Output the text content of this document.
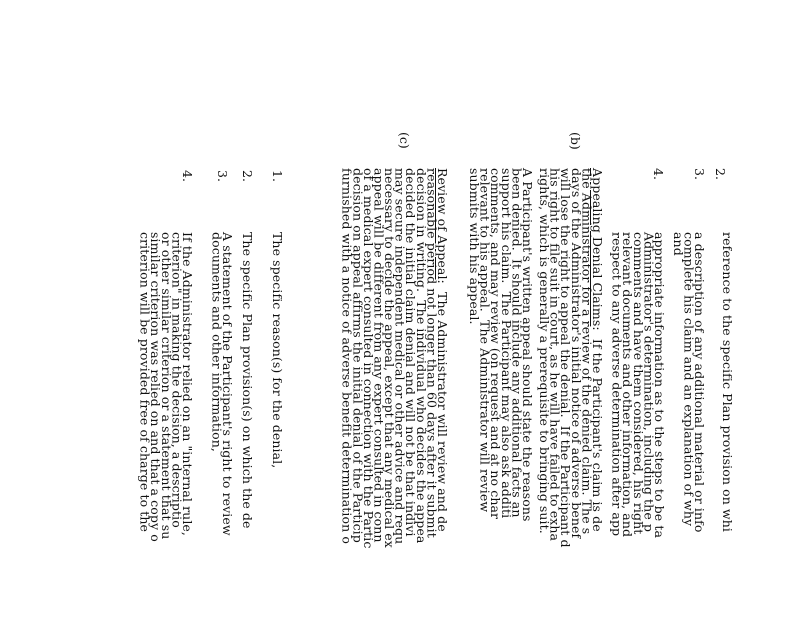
2.
reference to the specific Plan provision on whi
3.
a description of any additional material or info
complete his claim and an explanation of why
and
4.
appropriate information as to the steps to be ta
Administrator's determination, including the p
comments and have them considered, his right
relevant documents and other information, and
respect to any adverse determination after app
(b)
Appealing Denial Claims:  If the Participant's claim is de
the Administrator for a review of the denied claim. The s
days of the Administrator's initial notice of adverse benef
will lose the right to appeal the denial.  If the Participant d
his right to file suit in court, as he will have failed to exha
rights, which is generally a prerequisite to bringing suit.
A Participant's written appeal should state the reasons
been denied.  It should include any additional facts an
support his claim.  The Participant may also ask additi
comments, and may review (on request and at no char
relevant to his appeal.  The Administrator will review
submits with his appeal.
(c)
Review of Appeal:  The Administrator will review and de
reasonable period not longer than 60 days after it submit
decision in writing.  The individual who decides the appea
decided the initial claim denial and will not be that indivi
may secure independent medical or other advice and requ
necessary to decide the appeal, except that any medical ex
appeal will be different from any expert consulted in conn
of a medical expert consulted in connection with the Partic
decision on appeal affirms the initial denial of the Particip
furnished with a notice of adverse benefit determination o
1.
The specific reason(s) for the denial,
2.
The specific Plan provision(s) on which the de
3.
A statement of the Participant's right to review
documents and other information,
4.
If the Administrator relied on an "internal rule,
criterion" in making the decision, a descriptio
or other similar criterion or a statement that su
similar criterion was relied on and that a copy o
criterion will be provided free of charge to the
